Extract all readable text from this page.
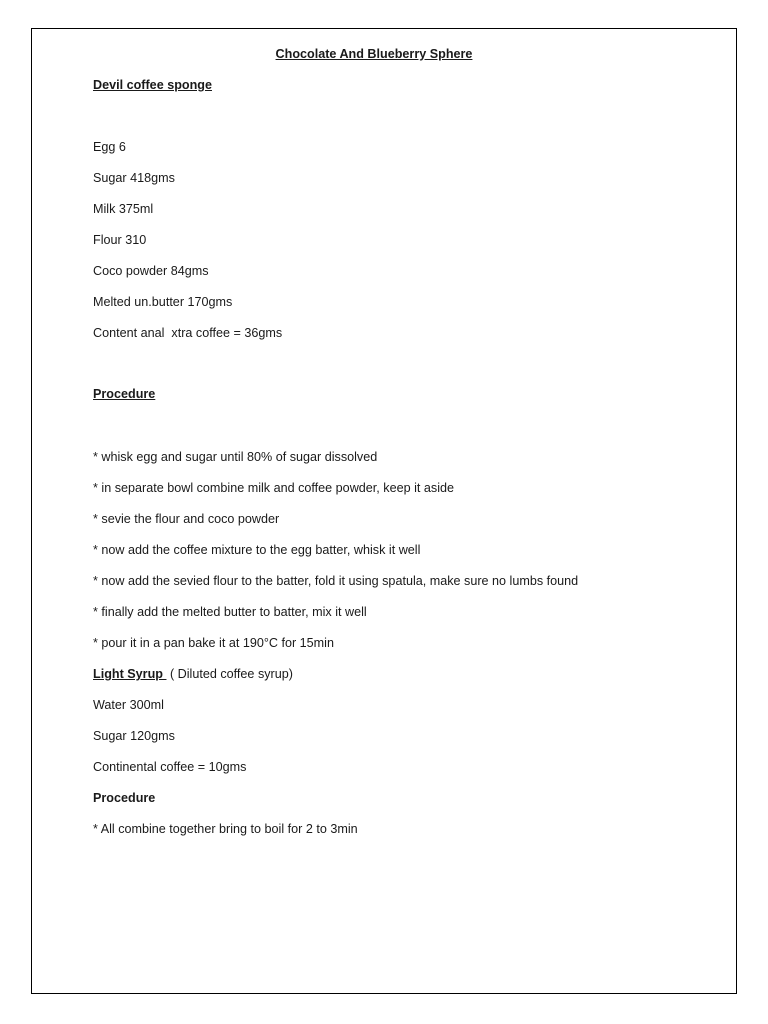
Chocolate And Blueberry Sphere
Devil coffee sponge
Egg 6
Sugar 418gms
Milk 375ml
Flour 310
Coco powder 84gms
Melted un.butter 170gms
Content anal  xtra coffee = 36gms
Procedure
* whisk egg and sugar until 80% of sugar dissolved
* in separate bowl combine milk and coffee powder, keep it aside
* sevie the flour and coco powder
* now add the coffee mixture to the egg batter, whisk it well
* now add the sevied flour to the batter, fold it using spatula, make sure no lumbs found
* finally add the melted butter to batter, mix it well
* pour it in a pan bake it at 190°C for 15min
Light Syrup  ( Diluted coffee syrup)
Water 300ml
Sugar 120gms
Continental coffee = 10gms
Procedure
* All combine together bring to boil for 2 to 3min
